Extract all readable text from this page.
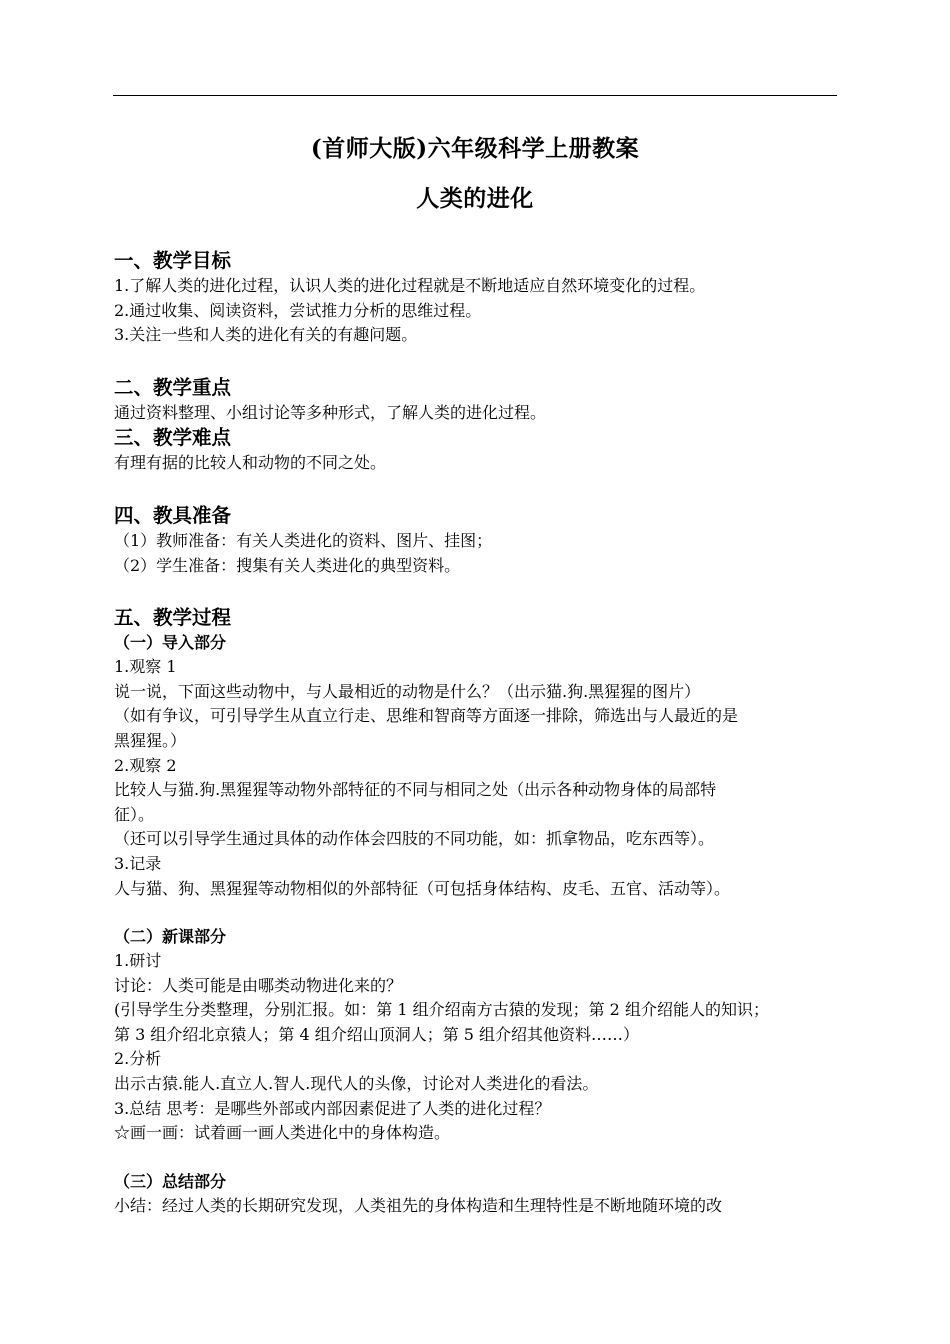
(首师大版)六年级科学上册教案
人类的进化
一、教学目标
1.了解人类的进化过程，认识人类的进化过程就是不断地适应自然环境变化的过程。
2.通过收集、阅读资料，尝试推力分析的思维过程。
3.关注一些和人类的进化有关的有趣问题。
二、教学重点
通过资料整理、小组讨论等多种形式，了解人类的进化过程。
三、教学难点
有理有据的比较人和动物的不同之处。
四、教具准备
（1）教师准备：有关人类进化的资料、图片、挂图；
（2）学生准备：搜集有关人类进化的典型资料。
五、教学过程
（一）导入部分
1.观察 1
说一说，下面这些动物中，与人最相近的动物是什么？（出示猫.狗.黑猩猩的图片）
（如有争议，可引导学生从直立行走、思维和智商等方面逐一排除，筛选出与人最近的是
黑猩猩。）
2.观察 2
比较人与猫.狗.黑猩猩等动物外部特征的不同与相同之处（出示各种动物身体的局部特
征）。
（还可以引导学生通过具体的动作体会四肢的不同功能，如：抓拿物品，吃东西等）。
3.记录
人与猫、狗、黑猩猩等动物相似的外部特征（可包括身体结构、皮毛、五官、活动等）。
（二）新课部分
1.研讨
讨论：人类可能是由哪类动物进化来的？
(引导学生分类整理，分别汇报。如：第 1 组介绍南方古猿的发现；第 2 组介绍能人的知识；
第 3 组介绍北京猿人；第 4 组介绍山顶洞人；第 5 组介绍其他资料……）
2.分析
出示古猿.能人.直立人.智人.现代人的头像，讨论对人类进化的看法。
3.总结 思考：是哪些外部或内部因素促进了人类的进化过程？
☆画一画：试着画一画人类进化中的身体构造。
（三）总结部分
小结：经过人类的长期研究发现，人类祖先的身体构造和生理特性是不断地随环境的改
